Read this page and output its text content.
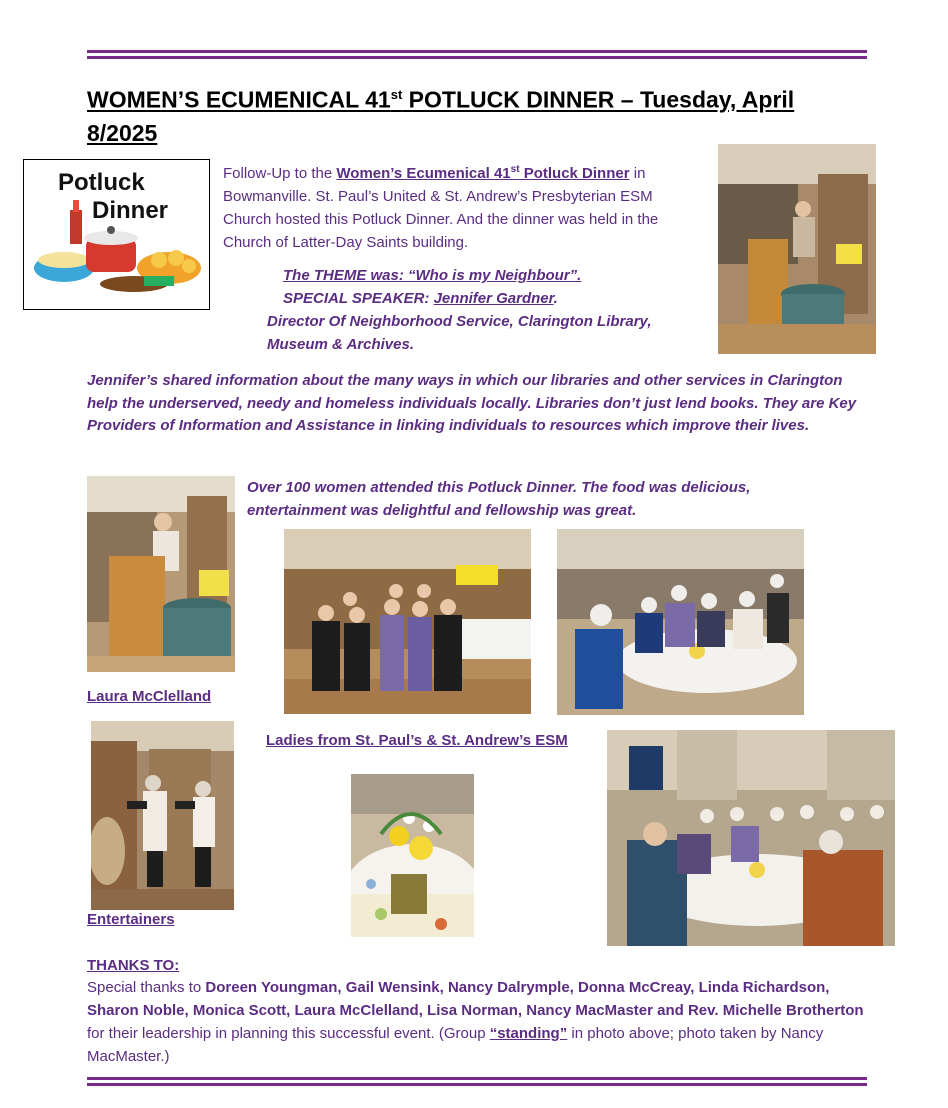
WOMEN’S ECUMENICAL 41st POTLUCK DINNER – Tuesday, April 8/2025
Potluck
Dinner

Follow-Up to the Women’s Ecumenical 41st Potluck Dinner in Bowmanville. St. Paul’s United & St. Andrew’s Presbyterian ESM Church hosted this Potluck Dinner. And the dinner was held in the Church of Latter-Day Saints building.

The THEME was: “Who is my Neighbour”.
SPECIAL SPEAKER: Jennifer Gardner.

Director Of Neighborhood Service, Clarington Library, Museum & Archives.

Jennifer’s shared information about the many ways in which our libraries and other services in Clarington help the underserved, needy and homeless individuals locally. Libraries don’t just lend books. They are Key Providers of Information and Assistance in linking individuals to resources which improve their lives.

Laura McClelland

Over 100 women attended this Potluck Dinner. The food was delicious, entertainment was delightful and fellowship was great.

Ladies from St. Paul’s & St. Andrew’s ESM

Entertainers

THANKS TO:

Special thanks to Doreen Youngman, Gail Wensink, Nancy Dalrymple, Donna McCreay, Linda Richardson, Sharon Noble, Monica Scott, Laura McClelland, Lisa Norman, Nancy MacMaster and Rev. Michelle Brotherton for their leadership in planning this successful event. (Group “standing” in photo above; photo taken by Nancy MacMaster.)
